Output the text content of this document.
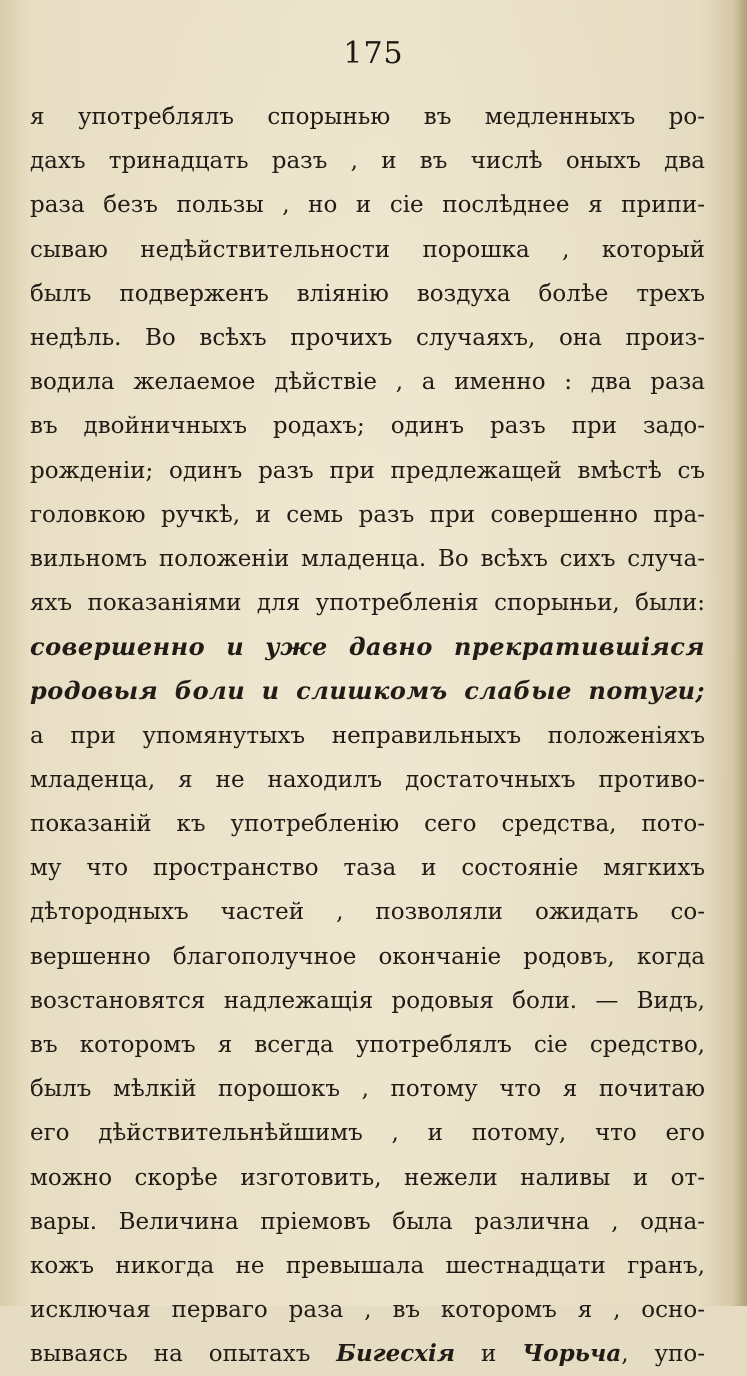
175
я употреблялъ спорынью въ медленныхъ ро-
дахъ тринадцать разъ , и въ числѣ оныхъ два
раза безъ пользы , но и сіе послѣднее я припи-
сываю недѣйствительности порошка , который
былъ подверженъ вліянію воздуха болѣе трехъ
недѣль. Во всѣхъ прочихъ случаяхъ, она произ-
водила желаемое дѣйствіе , а именно : два раза
въ двойничныхъ родахъ; одинъ разъ при задо-
рожденіи; одинъ разъ при предлежащей вмѣстѣ съ
головкою ручкѣ, и семь разъ при совершенно пра-
вильномъ положеніи младенца. Во всѣхъ сихъ случа-
яхъ показаніями для употребленія спорыньи, были:
совершенно и уже давно прекратившіяся
родовыя боли и слишкомъ слабые потуги;
а при упомянутыхъ неправильныхъ положеніяхъ
младенца, я не находилъ достаточныхъ противо-
показаній къ употребленію сего средства, пото-
му что пространство таза и состояніе мягкихъ
дѣтородныхъ частей , позволяли ожидать со-
вершенно благополучное окончаніе родовъ, когда
возстановятся надлежащія родовыя боли. — Видъ,
въ которомъ я всегда употреблялъ сіе средство,
былъ мѣлкій порошокъ , потому что я почитаю
его дѣйствительнѣйшимъ , и потому, что его
можно скорѣе изготовить, нежели наливы и от-
вары. Величина пріемовъ была различна , одна-
кожъ никогда не превышала шестнадцати гранъ,
исключая перваго раза , въ которомъ я , осно-
вываясь на опытахъ Бигесхія и Чорьча, упо-
